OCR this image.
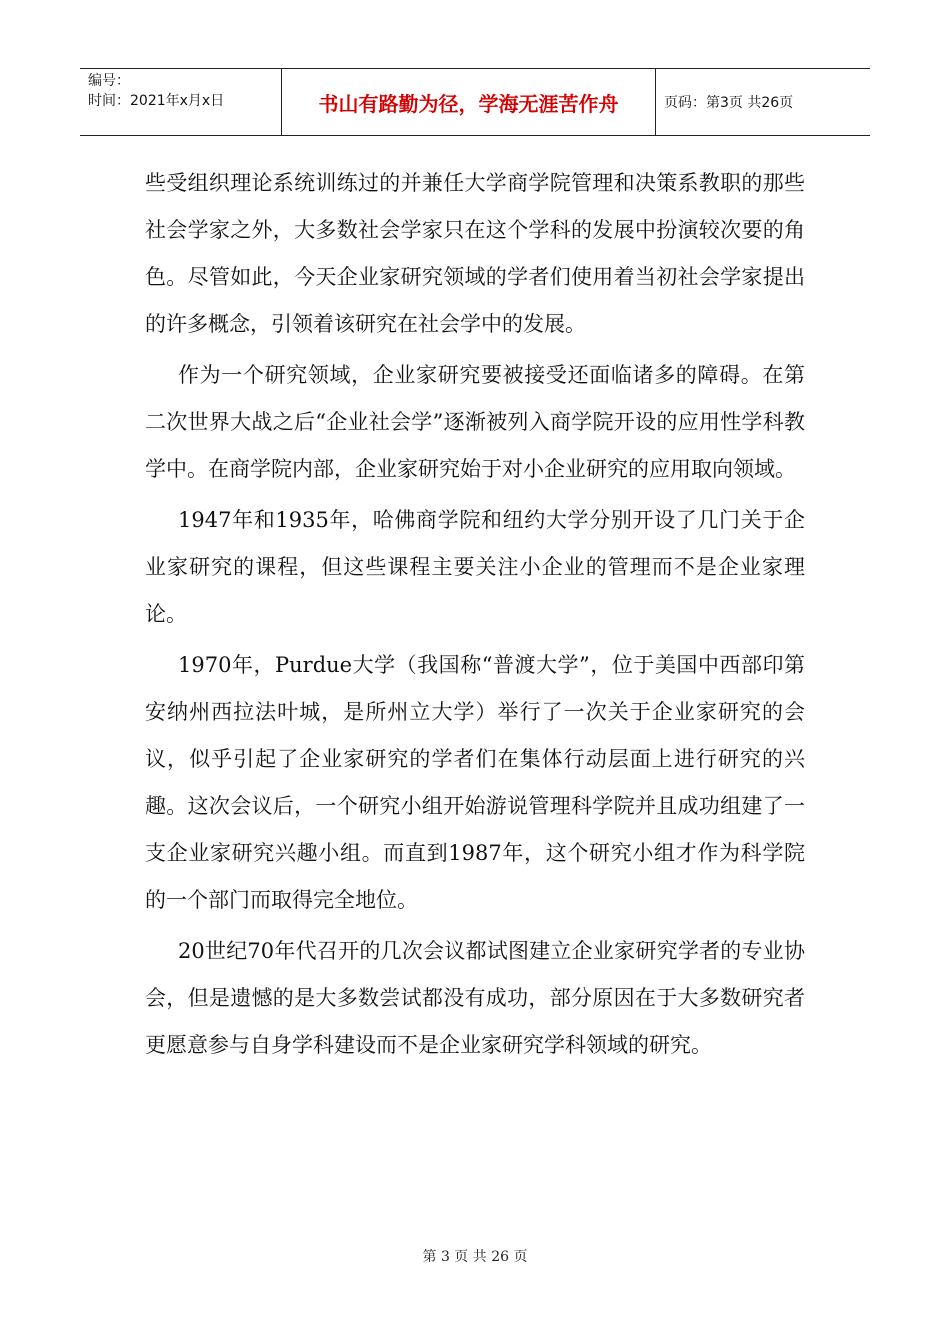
编号：
时间：2021年x月x日	书山有路勤为径，学海无涯苦作舟	页码：第3页 共26页

些受组织理论系统训练过的并兼任大学商学院管理和决策系教职的那些社会学家之外，大多数社会学家只在这个学科的发展中扮演较次要的角色。尽管如此，今天企业家研究领域的学者们使用着当初社会学家提出的许多概念，引领着该研究在社会学中的发展。

作为一个研究领域，企业家研究要被接受还面临诸多的障碍。在第二次世界大战之后“企业社会学”逐渐被列入商学院开设的应用性学科教学中。在商学院内部，企业家研究始于对小企业研究的应用取向领域。

1947年和1935年，哈佛商学院和纽约大学分别开设了几门关于企业家研究的课程，但这些课程主要关注小企业的管理而不是企业家理论。

1970年，Purdue大学（我国称“普渡大学”，位于美国中西部印第安纳州西拉法叶城，是所州立大学）举行了一次关于企业家研究的会议，似乎引起了企业家研究的学者们在集体行动层面上进行研究的兴趣。这次会议后，一个研究小组开始游说管理科学院并且成功组建了一支企业家研究兴趣小组。而直到1987年，这个研究小组才作为科学院的一个部门而取得完全地位。

20世纪70年代召开的几次会议都试图建立企业家研究学者的专业协会，但是遗憾的是大多数尝试都没有成功，部分原因在于大多数研究者更愿意参与自身学科建设而不是企业家研究学科领域的研究。

第 3 页 共 26 页
